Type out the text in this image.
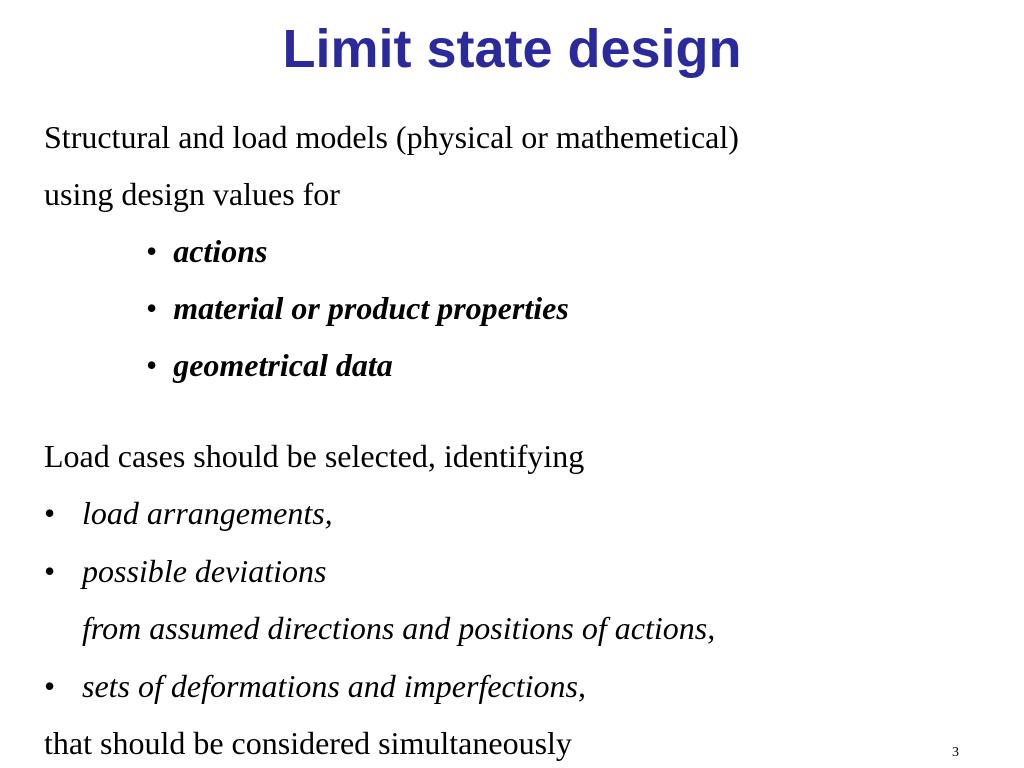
Limit state design
Structural and load models (physical or mathemetical)
using design values for
•  actions
•  material or product properties
•  geometrical data
Load cases should be selected, identifying
• load arrangements,
• possible deviations
from assumed directions and positions of actions,
• sets of deformations and imperfections,
that should be considered simultaneously	3
